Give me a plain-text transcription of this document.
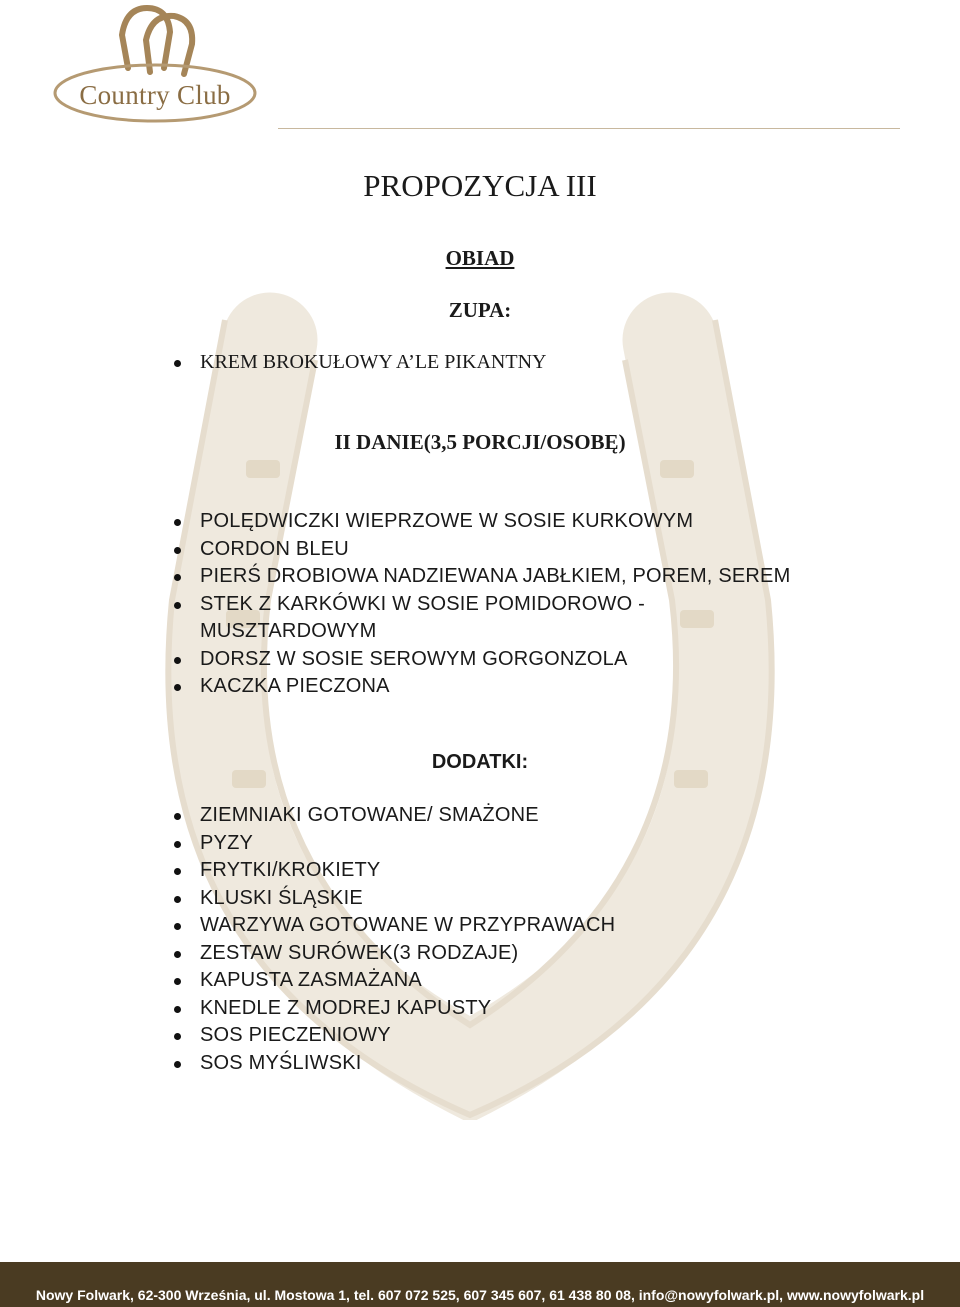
Country Club
PROPOZYCJA III
OBIAD
ZUPA:
KREM BROKUŁOWY A’LE PIKANTNY
II DANIE(3,5 PORCJI/OSOBĘ)
POLĘDWICZKI WIEPRZOWE W SOSIE KURKOWYM
CORDON BLEU
PIERŚ DROBIOWA NADZIEWANA JABŁKIEM, POREM, SEREM
STEK Z KARKÓWKI W SOSIE POMIDOROWO -
MUSZTARDOWYM
DORSZ W SOSIE SEROWYM GORGONZOLA
KACZKA PIECZONA
DODATKI:
ZIEMNIAKI GOTOWANE/ SMAŻONE
PYZY
FRYTKI/KROKIETY
KLUSKI ŚLĄSKIE
WARZYWA GOTOWANE W PRZYPRAWACH
ZESTAW SURÓWEK(3 RODZAJE)
KAPUSTA ZASMAŻANA
KNEDLE Z MODREJ KAPUSTY
SOS PIECZENIOWY
SOS MYŚLIWSKI
Nowy Folwark, 62-300 Września, ul. Mostowa 1, tel. 607 072 525, 607 345 607, 61 438 80 08, info@nowyfolwark.pl, www.nowyfolwark.pl
